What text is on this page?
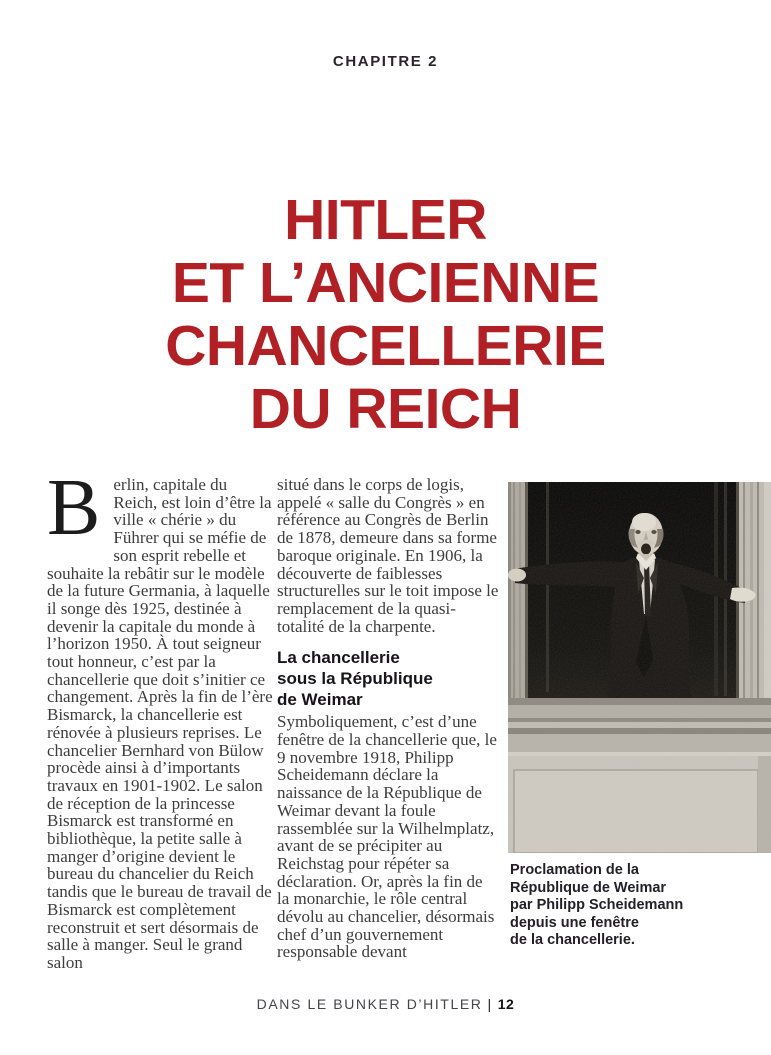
CHAPITRE 2
HITLER
ET L’ANCIENNE
CHANCELLERIE
DU REICH

Berlin, capitale du Reich, est loin d’être la ville « chérie » du Führer qui se méfie de son esprit rebelle et souhaite la rebâtir sur le modèle de la future Germania, à laquelle il songe dès 1925, destinée à devenir la capitale du monde à l’horizon 1950. À tout seigneur tout honneur, c’est par la chancellerie que doit s’initier ce changement. Après la fin de l’ère Bismarck, la chancellerie est rénovée à plusieurs reprises. Le chancelier Bernhard von Bülow procède ainsi à d’importants travaux en 1901-1902. Le salon de réception de la princesse Bismarck est transformé en bibliothèque, la petite salle à manger d’origine devient le bureau du chancelier du Reich tandis que le bureau de travail de Bismarck est complètement reconstruit et sert désormais de salle à manger. Seul le grand salon

situé dans le corps de logis, appelé « salle du Congrès » en référence au Congrès de Berlin de 1878, demeure dans sa forme baroque originale. En 1906, la découverte de faiblesses structurelles sur le toit impose le remplacement de la quasi-totalité de la charpente.

La chancellerie
sous la République
de Weimar

Symboliquement, c’est d’une fenêtre de la chancellerie que, le 9 novembre 1918, Philipp Scheidemann déclare la naissance de la République de Weimar devant la foule rassemblée sur la Wilhelmplatz, avant de se précipiter au Reichstag pour répéter sa déclaration. Or, après la fin de la monarchie, le rôle central dévolu au chancelier, désormais chef d’un gouvernement responsable devant

Proclamation de la
République de Weimar
par Philipp Scheidemann
depuis une fenêtre
de la chancellerie.
DANS LE BUNKER D’HITLER | 12
